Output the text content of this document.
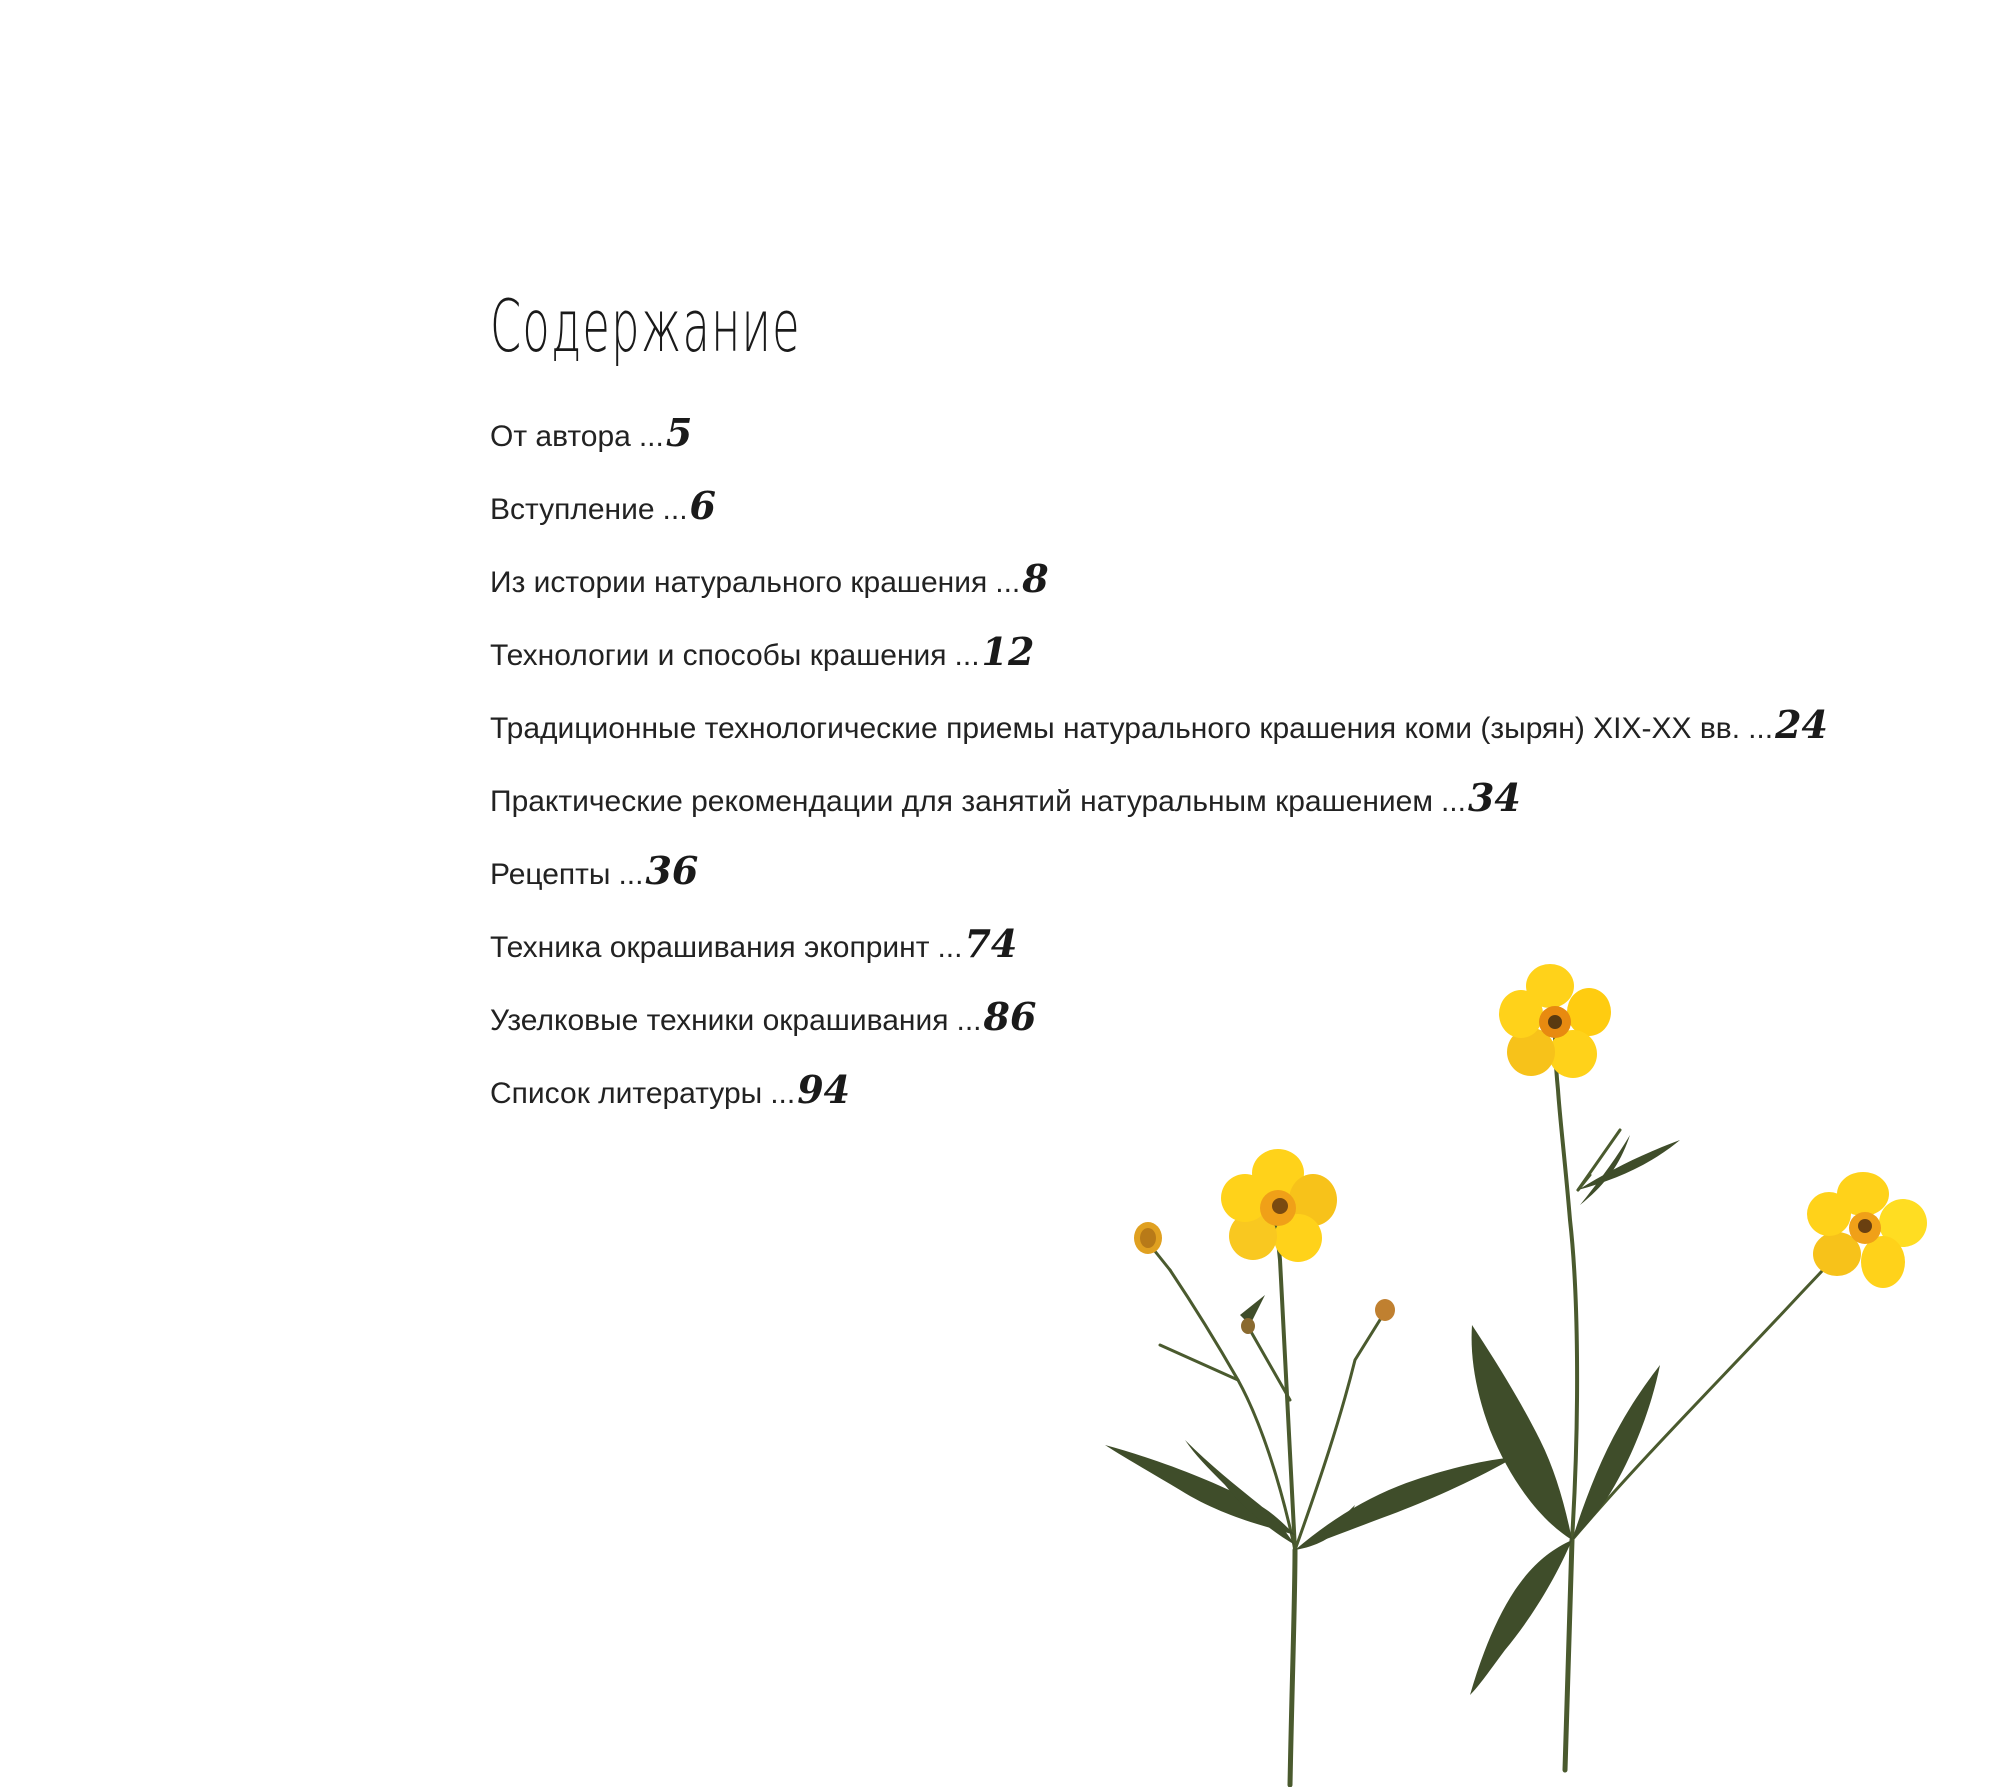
Содержание
От автора ... 5
Вступление ... 6
Из истории натурального крашения ... 8
Технологии и способы крашения ... 12
Традиционные технологические приемы натурального крашения коми (зырян) XIX-XX вв. ... 24
Практические рекомендации для занятий натуральным крашением ... 34
Рецепты ... 36
Техника окрашивания экопринт ... 74
Узелковые техники окрашивания ... 86
Список литературы ... 94
